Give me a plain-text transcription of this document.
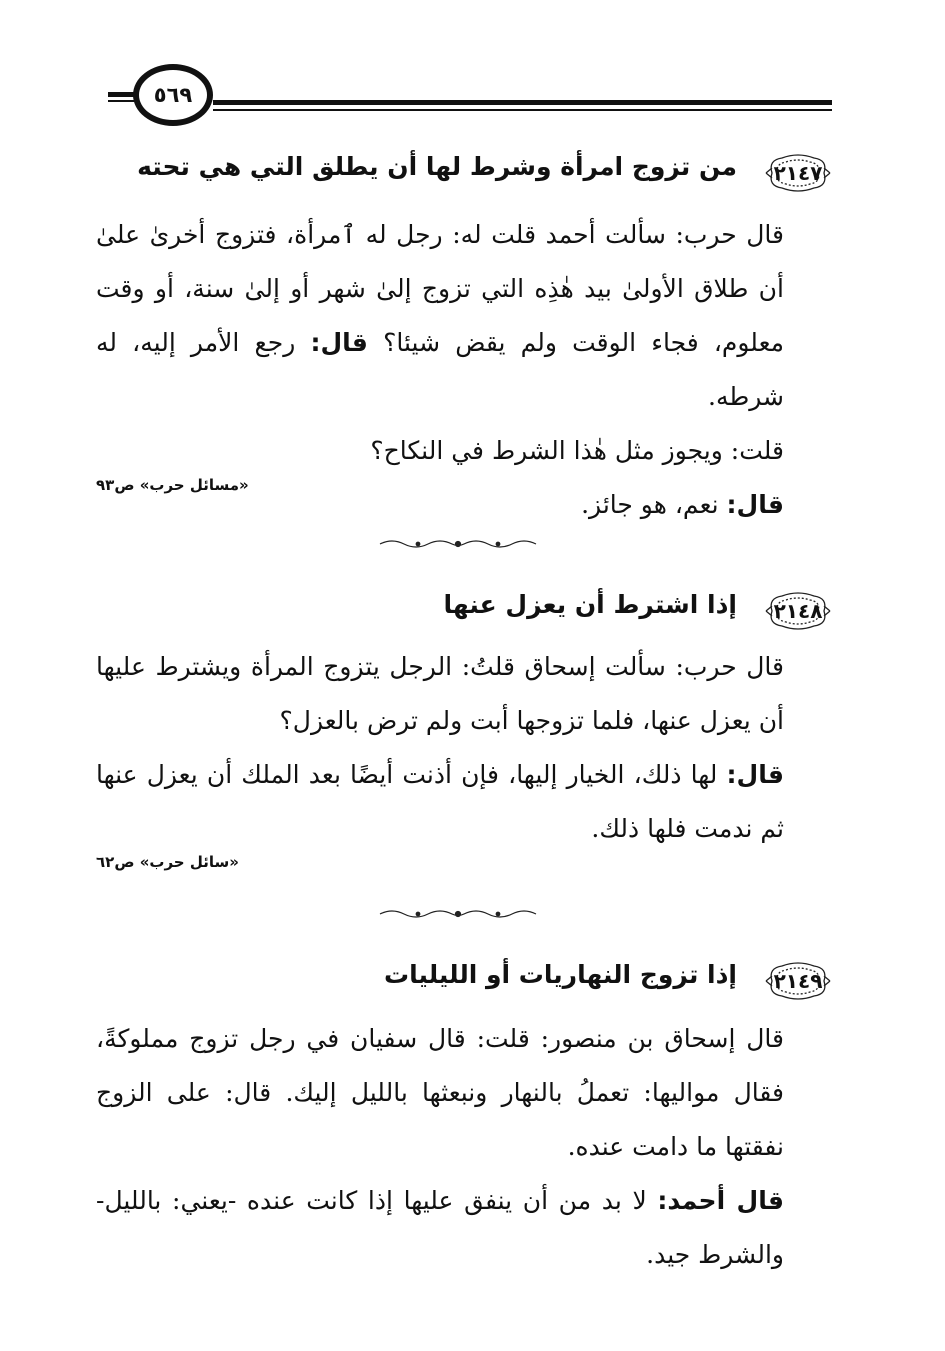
٥٦٩
٢١٤٧
من تزوج امرأة وشرط لها أن يطلق التي هي تحته

قال حرب: سألت أحمد قلت له: رجل له ٱمرأة، فتزوج أخرىٰ علىٰ أن طلاق الأولىٰ بيد هٰذِه التي تزوج إلىٰ شهر أو إلىٰ سنة، أو وقت معلوم، فجاء الوقت ولم يقض شيئا؟ قال: رجع الأمر إليه، له شرطه.

قلت: ويجوز مثل هٰذا الشرط في النكاح؟

قال: نعم، هو جائز.

«مسائل حرب» ص٩٣
٢١٤٨
إذا اشترط أن يعزل عنها

قال حرب: سألت إسحاق قلتُ: الرجل يتزوج المرأة ويشترط عليها أن يعزل عنها، فلما تزوجها أبت ولم ترض بالعزل؟

قال: لها ذلك، الخيار إليها، فإن أذنت أيضًا بعد الملك أن يعزل عنها ثم ندمت فلها ذلك.

«سائل حرب» ص٦٢
٢١٤٩
إذا تزوج النهاريات أو الليليات

قال إسحاق بن منصور: قلت: قال سفيان في رجل تزوج مملوكةً، فقال مواليها: تعملُ بالنهار ونبعثها بالليل إليك. قال: على الزوج نفقتها ما دامت عنده.

قال أحمد: لا بد من أن ينفق عليها إذا كانت عنده -يعني: بالليل- والشرط جيد.
